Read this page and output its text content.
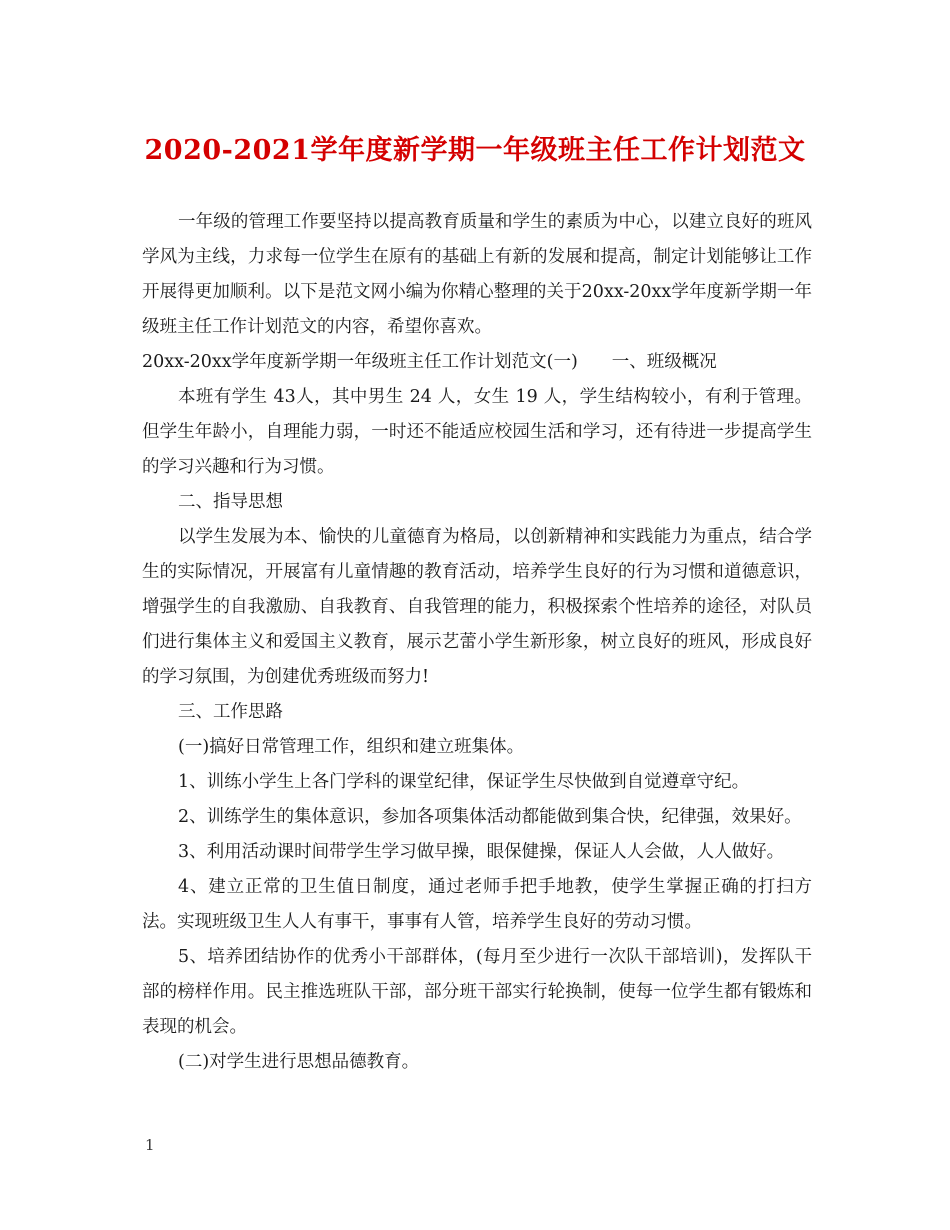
2020-2021学年度新学期一年级班主任工作计划范文

一年级的管理工作要坚持以提高教育质量和学生的素质为中心，以建立良好的班风学风为主线，力求每一位学生在原有的基础上有新的发展和提高，制定计划能够让工作开展得更加顺利。以下是范文网小编为你精心整理的关于20xx-20xx学年度新学期一年级班主任工作计划范文的内容，希望你喜欢。

20xx-20xx学年度新学期一年级班主任工作计划范文(一) 一、班级概况

本班有学生 43人，其中男生 24 人，女生 19 人，学生结构较小，有利于管理。但学生年龄小，自理能力弱，一时还不能适应校园生活和学习，还有待进一步提高学生的学习兴趣和行为习惯。

二、指导思想

以学生发展为本、愉快的儿童德育为格局，以创新精神和实践能力为重点，结合学生的实际情况，开展富有儿童情趣的教育活动，培养学生良好的行为习惯和道德意识，增强学生的自我激励、自我教育、自我管理的能力，积极探索个性培养的途径，对队员们进行集体主义和爱国主义教育，展示艺蕾小学生新形象，树立良好的班风，形成良好的学习氛围，为创建优秀班级而努力!

三、工作思路

(一)搞好日常管理工作，组织和建立班集体。

1、训练小学生上各门学科的课堂纪律，保证学生尽快做到自觉遵章守纪。

2、训练学生的集体意识，参加各项集体活动都能做到集合快，纪律强，效果好。

3、利用活动课时间带学生学习做早操，眼保健操，保证人人会做，人人做好。

4、建立正常的卫生值日制度，通过老师手把手地教，使学生掌握正确的打扫方法。实现班级卫生人人有事干，事事有人管，培养学生良好的劳动习惯。

5、培养团结协作的优秀小干部群体，(每月至少进行一次队干部培训)，发挥队干部的榜样作用。民主推选班队干部，部分班干部实行轮换制，使每一位学生都有锻炼和表现的机会。

(二)对学生进行思想品德教育。

1
